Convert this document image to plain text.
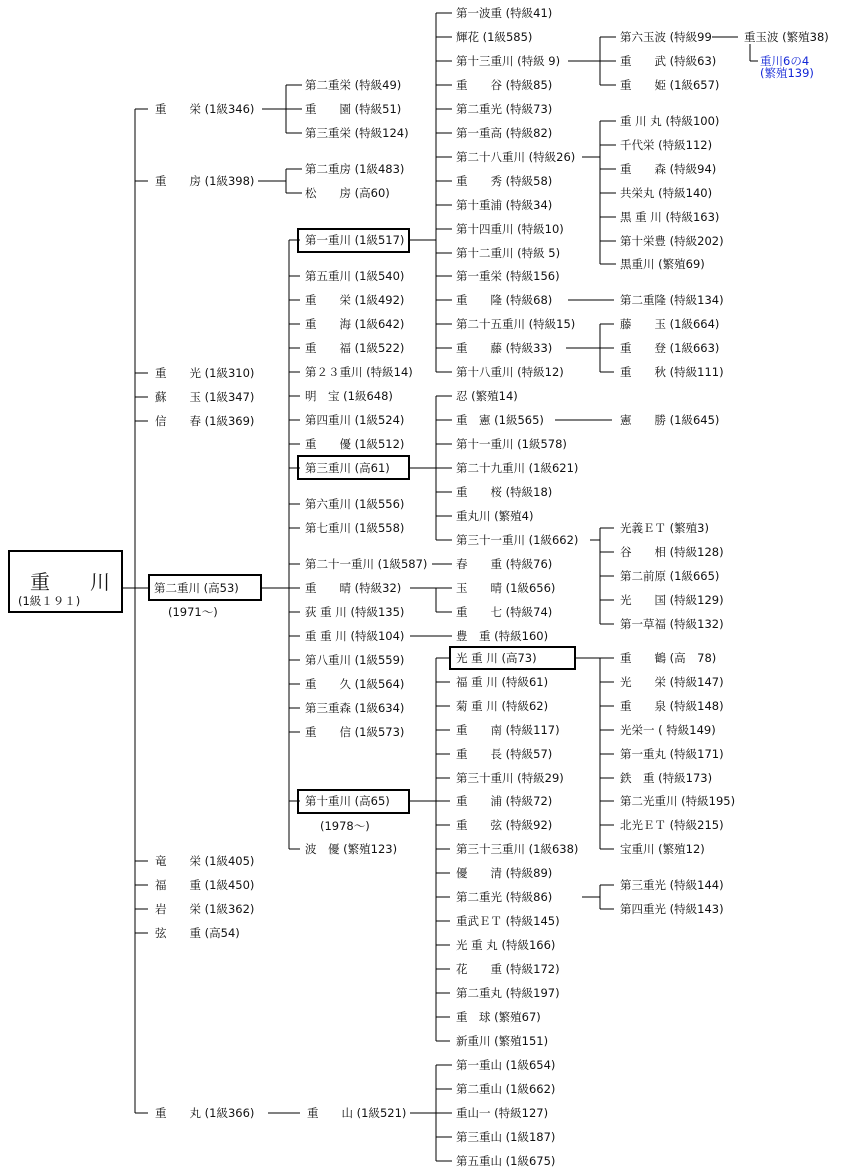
重　　川
(1級１９１)
重　　栄 (1級346)
重　　房 (1級398)
重　　光 (1級310)
蘇　　玉 (1級347)
信　　春 (1級369)
竜　　栄 (1級405)
福　　重 (1級450)
岩　　栄 (1級362)
弦　　重 (高54)
重　　丸 (1級366)
第二重川 (高53)
(1971～)
第二重栄 (特級49)
重　　園 (特級51)
第三重栄 (特級124)
第二重房 (1級483)
松　　房 (高60)
重　　山 (1級521)
第一重山 (1級654)
第二重山 (1級662)
重山一 (特級127)
第三重山 (1級187)
第五重山 (1級675)
第一重川 (1級517)
第五重川 (1級540)
重　　栄 (1級492)
重　　海 (1級642)
重　　福 (1級522)
第２３重川 (特級14)
明　宝 (1級648)
第四重川 (1級524)
重　　優 (1級512)
第三重川 (高61)
第六重川 (1級556)
第七重川 (1級558)
第二十一重川 (1級587)
重　　晴 (特級32)
荻 重 川 (特級135)
重 重 川 (特級104)
第八重川 (1級559)
重　　久 (1級564)
第三重森 (1級634)
重　　信 (1級573)
第十重川 (高65)
波　優 (繁殖123)
(1978～)
第一波重 (特級41)
輝花 (1級585)
第十三重川 (特級 9)
重　　谷 (特級85)
第二重光 (特級73)
第一重高 (特級82)
第二十八重川 (特級26)
重　　秀 (特級58)
第十重浦 (特級34)
第十四重川 (特級10)
第十二重川 (特級 5)
第一重栄 (特級156)
重　　隆 (特級68)
第二十五重川 (特級15)
重　　藤 (特級33)
第十八重川 (特級12)
第六玉波 (特級99
重　　武 (特級63)
重　　姫 (1級657)
重玉波 (繁殖38)
重川6の4
(繁殖139)
重 川 丸 (特級100)
千代栄 (特級112)
重　　森 (特級94)
共栄丸 (特級140)
黒 重 川 (特級163)
第十栄豊 (特級202)
黒重川 (繁殖69)
第二重隆 (特級134)
藤　　玉 (1級664)
重　　登 (1級663)
重　　秋 (特級111)
忍 (繁殖14)
重　憲 (1級565)
第十一重川 (1級578)
第二十九重川 (1級621)
重　　桜 (特級18)
重丸川 (繁殖4)
第三十一重川 (1級662)
憲　　勝 (1級645)
光義ＥＴ (繁殖3)
谷　　相 (特級128)
第二前原 (1級665)
光　　国 (特級129)
第一草福 (特級132)
春　　重 (特級76)
玉　　晴 (1級656)
重　　七 (特級74)
豊　重 (特級160)
光 重 川 (高73)
福 重 川 (特級61)
菊 重 川 (特級62)
重　　南 (特級117)
重　　長 (特級57)
第三十重川 (特級29)
重　　浦 (特級72)
重　　弦 (特級92)
第三十三重川 (1級638)
優　　清 (特級89)
第二重光 (特級86)
重武ＥＴ (特級145)
光 重 丸 (特級166)
花　　重 (特級172)
第二重丸 (特級197)
重　球 (繁殖67)
新重川 (繁殖151)
重　　鶴 (高　78)
光　　栄 (特級147)
重　　泉 (特級148)
光栄一 ( 特級149)
第一重丸 (特級171)
鉄　重 (特級173)
第二光重川 (特級195)
北光ＥＴ (特級215)
宝重川 (繁殖12)
第三重光 (特級144)
第四重光 (特級143)
